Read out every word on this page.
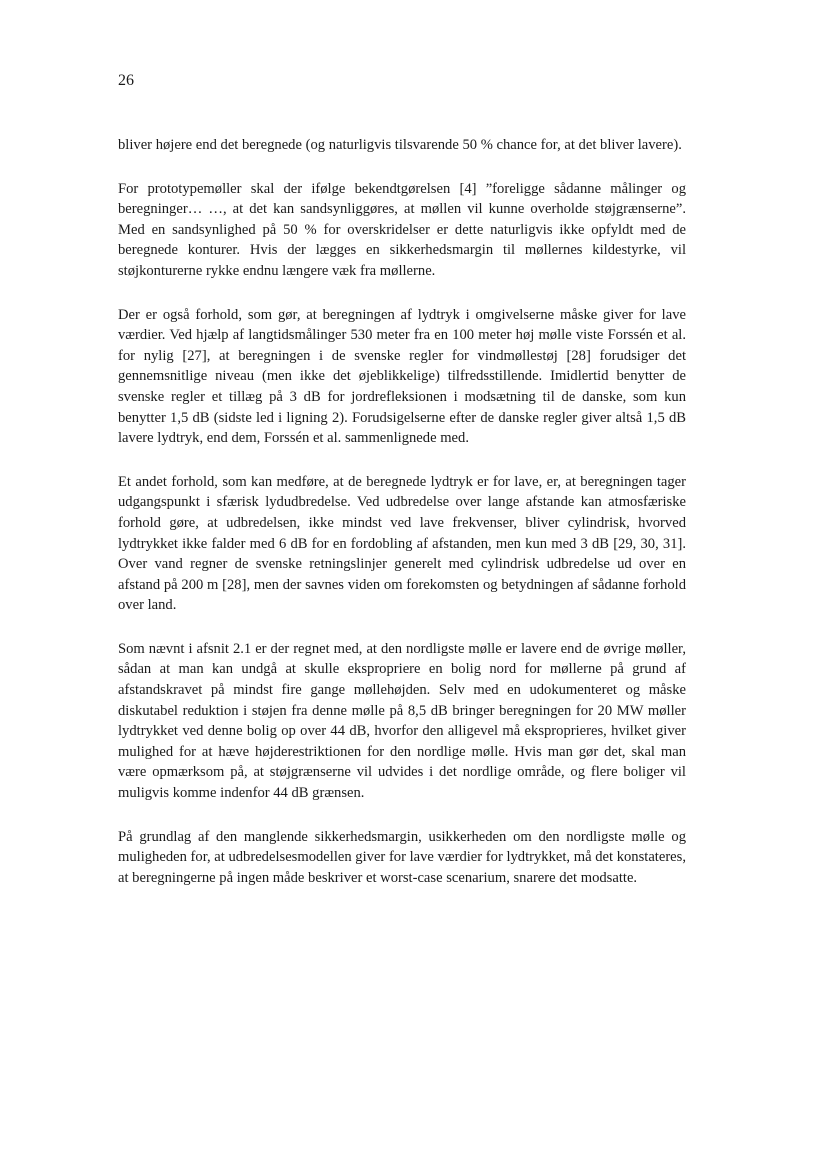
26

bliver højere end det beregnede (og naturligvis tilsvarende 50 % chance for, at det bliver lavere).

For prototypemøller skal der ifølge bekendtgørelsen [4] ”foreligge sådanne målinger og beregninger… …, at det kan sandsynliggøres, at møllen vil kunne overholde støjgrænserne”. Med en sandsynlighed på 50 % for overskridelser er dette naturligvis ikke opfyldt med de beregnede konturer. Hvis der lægges en sikkerhedsmargin til møllernes kildestyrke, vil støjkonturerne rykke endnu længere væk fra møllerne.

Der er også forhold, som gør, at beregningen af lydtryk i omgivelserne måske giver for lave værdier. Ved hjælp af langtidsmålinger 530 meter fra en 100 meter høj mølle viste Forssén et al. for nylig [27], at beregningen i de svenske regler for vindmøllestøj [28] forudsiger det gennemsnitlige niveau (men ikke det øjeblikkelige) tilfredsstillende. Imidlertid benytter de svenske regler et tillæg på 3 dB for jordrefleksionen i modsætning til de danske, som kun benytter 1,5 dB (sidste led i ligning 2). Forudsigelserne efter de danske regler giver altså 1,5 dB lavere lydtryk, end dem, Forssén et al. sammenlignede med.

Et andet forhold, som kan medføre, at de beregnede lydtryk er for lave, er, at beregningen tager udgangspunkt i sfærisk lydudbredelse. Ved udbredelse over lange afstande kan atmosfæriske forhold gøre, at udbredelsen, ikke mindst ved lave frekvenser, bliver cylindrisk, hvorved lydtrykket ikke falder med 6 dB for en fordobling af afstanden, men kun med 3 dB [29, 30, 31]. Over vand regner de svenske retningslinjer generelt med cylindrisk udbredelse ud over en afstand på 200 m [28], men der savnes viden om forekomsten og betydningen af sådanne forhold over land.

Som nævnt i afsnit 2.1 er der regnet med, at den nordligste mølle er lavere end de øvrige møller, sådan at man kan undgå at skulle ekspropriere en bolig nord for møllerne på grund af afstandskravet på mindst fire gange møllehøjden. Selv med en udokumenteret og måske diskutabel reduktion i støjen fra denne mølle på 8,5 dB bringer beregningen for 20 MW møller lydtrykket ved denne bolig op over 44 dB, hvorfor den alligevel må eksproprieres, hvilket giver mulighed for at hæve højderestriktionen for den nordlige mølle. Hvis man gør det, skal man være opmærksom på, at støjgrænserne vil udvides i det nordlige område, og flere boliger vil muligvis komme indenfor 44 dB grænsen.

På grundlag af den manglende sikkerhedsmargin, usikkerheden om den nordligste mølle og muligheden for, at udbredelsesmodellen giver for lave værdier for lydtrykket, må det konstateres, at beregningerne på ingen måde beskriver et worst-case scenarium, snarere det modsatte.
